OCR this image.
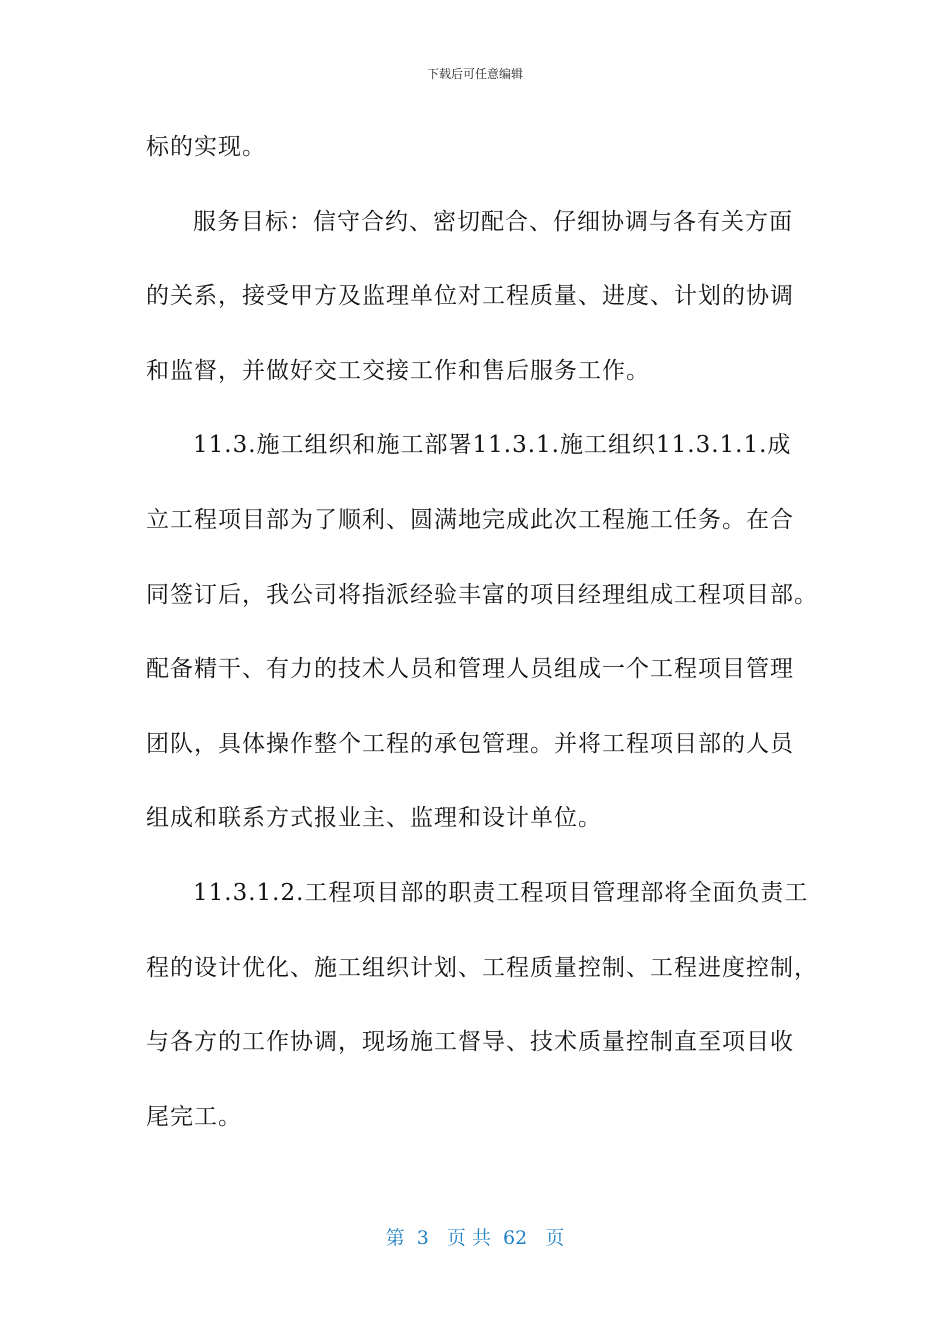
下载后可任意编辑
标的实现。
服务目标：信守合约、密切配合、仔细协调与各有关方面
的关系，接受甲方及监理单位对工程质量、进度、计划的协调
和监督，并做好交工交接工作和售后服务工作。
11.3.施工组织和施工部署11.3.1.施工组织11.3.1.1.成
立工程项目部为了顺利、圆满地完成此次工程施工任务。在合
同签订后，我公司将指派经验丰富的项目经理组成工程项目部。
配备精干、有力的技术人员和管理人员组成一个工程项目管理
团队，具体操作整个工程的承包管理。并将工程项目部的人员
组成和联系方式报业主、监理和设计单位。
11.3.1.2.工程项目部的职责工程项目管理部将全面负责工
程的设计优化、施工组织计划、工程质量控制、工程进度控制，
与各方的工作协调，现场施工督导、技术质量控制直至项目收
尾完工。
第  3   页 共  62   页
